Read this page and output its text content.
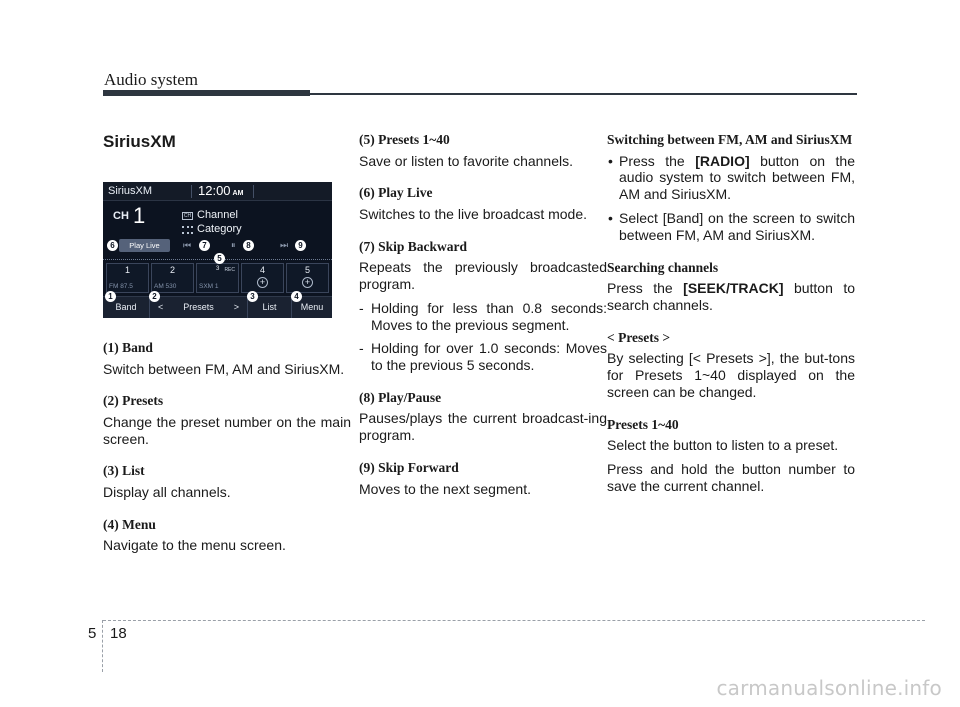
Audio system
SiriusXM
SiriusXM	12:00 AM
CH 1	CH Channel
Category
Play Live	⏮	⏸	⏭
1
FM 87.5
2
AM 530
3 REC
SXM 1
4
+
5
+
Band	< Presets >	List	Menu
6	7	8	9
5
1	2	3	4
(1) Band
Switch between FM, AM and SiriusXM.
(2) Presets
Change the preset number on the main screen.
(3) List
Display all channels.
(4) Menu
Navigate to the menu screen.
(5) Presets 1~40
Save or listen to favorite channels.
(6) Play Live
Switches to the live broadcast mode.
(7) Skip Backward
Repeats the previously broadcasted program.
- Holding for less than 0.8 seconds: Moves to the previous segment.
- Holding for over 1.0 seconds: Moves to the previous 5 seconds.
(8) Play/Pause
Pauses/plays the current broadcast-ing program.
(9) Skip Forward
Moves to the next segment.
Switching between FM, AM and SiriusXM
• Press the [RADIO] button on the audio system to switch between FM, AM and SiriusXM.
• Select [Band] on the screen to switch between FM, AM and SiriusXM.
Searching channels
Press the [SEEK/TRACK] button to search channels.
< Presets >
By selecting [< Presets >], the but-tons for Presets 1~40 displayed on the screen can be changed.
Presets 1~40
Select the button to listen to a preset.
Press and hold the button number to save the current channel.
5 18
carmanualsonline.info
